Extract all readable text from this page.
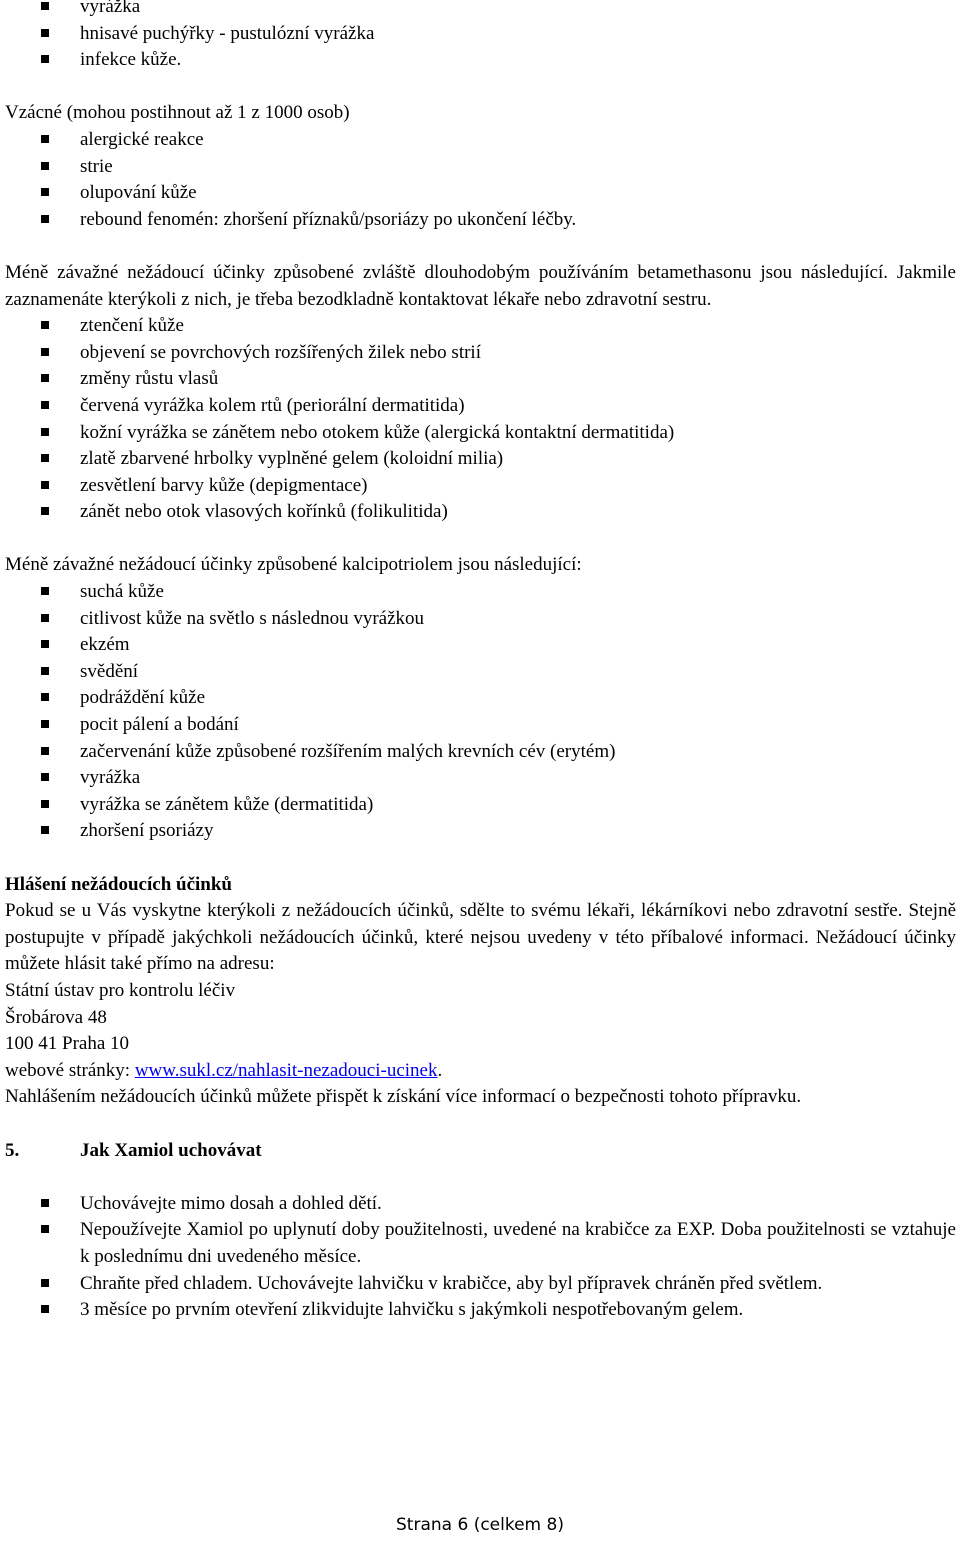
vyrážka
hnisavé puchýřky - pustulózní vyrážka
infekce kůže.

Vzácné (mohou postihnout až 1 z 1000 osob)

alergické reakce
strie
olupování kůže
rebound fenomén: zhoršení příznaků/psoriázy po ukončení léčby.

Méně závažné nežádoucí účinky způsobené zvláště dlouhodobým používáním betamethasonu jsou následující. Jakmile zaznamenáte kterýkoli z nich, je třeba bezodkladně kontaktovat lékaře nebo zdravotní sestru.

ztenčení kůže
objevení se povrchových rozšířených žilek nebo strií
změny růstu vlasů
červená vyrážka kolem rtů (periorální dermatitida)
kožní vyrážka se zánětem nebo otokem kůže (alergická kontaktní dermatitida)
zlatě zbarvené hrbolky vyplněné gelem (koloidní milia)
zesvětlení barvy kůže (depigmentace)
zánět nebo otok vlasových kořínků (folikulitida)

Méně závažné nežádoucí účinky způsobené kalcipotriolem jsou následující:

suchá kůže
citlivost kůže na světlo s následnou vyrážkou
ekzém
svědění
podráždění kůže
pocit pálení a bodání
začervenání kůže způsobené rozšířením malých krevních cév (erytém)
vyrážka
vyrážka se zánětem kůže (dermatitida)
zhoršení psoriázy

Hlášení nežádoucích účinků

Pokud se u Vás vyskytne kterýkoli z nežádoucích účinků, sdělte to svému lékaři, lékárníkovi nebo zdravotní sestře. Stejně postupujte v případě jakýchkoli nežádoucích účinků, které nejsou uvedeny v této příbalové informaci. Nežádoucí účinky můžete hlásit také přímo na adresu:

Státní ústav pro kontrolu léčiv

Šrobárova 48

100 41 Praha 10

webové stránky: www.sukl.cz/nahlasit-nezadouci-ucinek.

Nahlášením nežádoucích účinků můžete přispět k získání více informací o bezpečnosti tohoto přípravku.

5.	Jak Xamiol uchovávat

Uchovávejte mimo dosah a dohled dětí.
Nepoužívejte Xamiol po uplynutí doby použitelnosti, uvedené na krabičce za EXP. Doba použitelnosti se vztahuje k poslednímu dni uvedeného měsíce.
Chraňte před chladem. Uchovávejte lahvičku v krabičce, aby byl přípravek chráněn před světlem.
3 měsíce po prvním otevření zlikvidujte lahvičku s jakýmkoli nespotřebovaným gelem.
Strana 6 (celkem 8)
